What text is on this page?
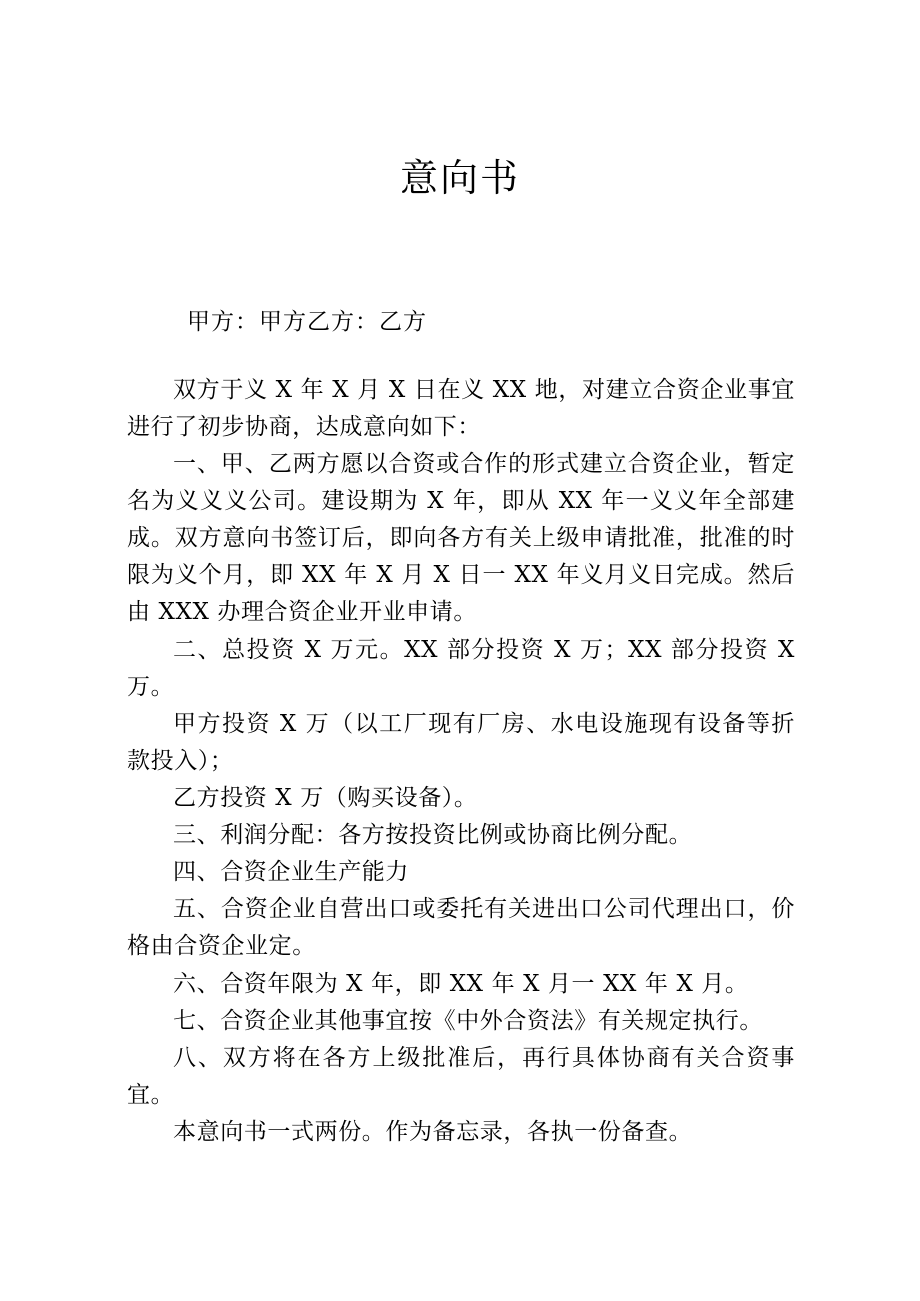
意向书

甲方：甲方乙方：乙方

双方于义 X 年 X 月 X 日在义 XX 地，对建立合资企业事宜进行了初步协商，达成意向如下：

一、甲、乙两方愿以合资或合作的形式建立合资企业，暂定名为义义义公司。建设期为 X 年，即从 XX 年一义义年全部建成。双方意向书签订后，即向各方有关上级申请批准，批准的时限为义个月，即 XX 年 X 月 X 日一 XX 年义月义日完成。然后由 XXX 办理合资企业开业申请。

二、总投资 X 万元。XX 部分投资 X 万；XX 部分投资 X 万。

甲方投资 X 万（以工厂现有厂房、水电设施现有设备等折款投入）；

乙方投资 X 万（购买设备）。

三、利润分配：各方按投资比例或协商比例分配。

四、合资企业生产能力

五、合资企业自营出口或委托有关进出口公司代理出口，价格由合资企业定。

六、合资年限为 X 年，即 XX 年 X 月一 XX 年 X 月。

七、合资企业其他事宜按《中外合资法》有关规定执行。

八、双方将在各方上级批准后，再行具体协商有关合资事宜。

本意向书一式两份。作为备忘录，各执一份备查。
